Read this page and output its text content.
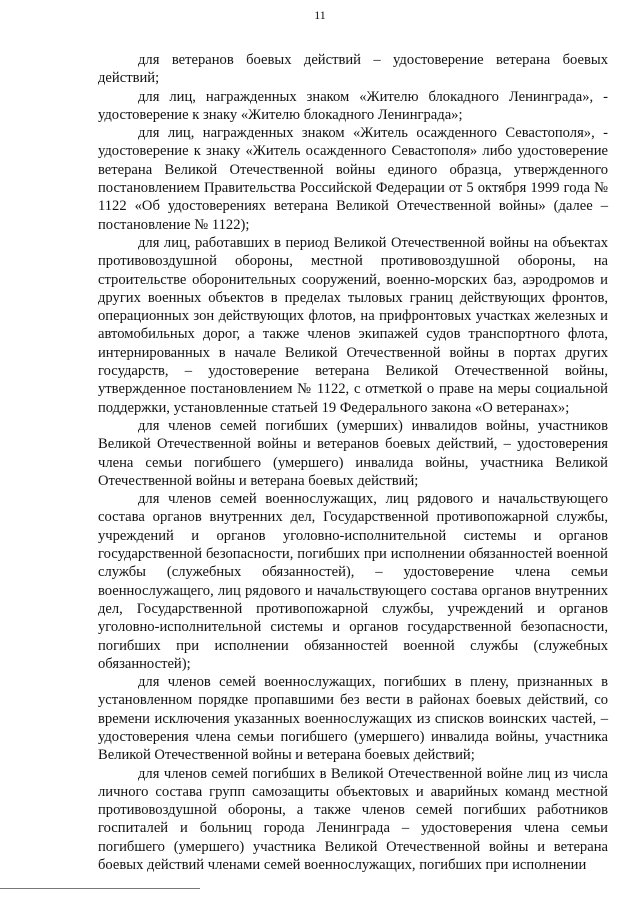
11

для ветеранов боевых действий – удостоверение ветерана боевых действий;

для лиц, награжденных знаком «Жителю блокадного Ленинграда», - удостоверение к знаку «Жителю блокадного Ленинграда»;

для лиц, награжденных знаком «Житель осажденного Севастополя», - удостоверение к знаку «Житель осажденного Севастополя» либо удостоверение ветерана Великой Отечественной войны единого образца, утвержденного постановлением Правительства Российской Федерации от 5 октября 1999 года № 1122 «Об удостоверениях ветерана Великой Отечественной войны» (далее – постановление № 1122);

для лиц, работавших в период Великой Отечественной войны на объектах противовоздушной обороны, местной противовоздушной обороны, на строительстве оборонительных сооружений, военно-морских баз, аэродромов и других военных объектов в пределах тыловых границ действующих фронтов, операционных зон действующих флотов, на прифронтовых участках железных и автомобильных дорог, а также членов экипажей судов транспортного флота, интернированных в начале Великой Отечественной войны в портах других государств, – удостоверение ветерана Великой Отечественной войны, утвержденное постановлением № 1122, с отметкой о праве на меры социальной поддержки, установленные статьей 19 Федерального закона «О ветеранах»;

для членов семей погибших (умерших) инвалидов войны, участников Великой Отечественной войны и ветеранов боевых действий, – удостоверения члена семьи погибшего (умершего) инвалида войны, участника Великой Отечественной войны и ветерана боевых действий;

для членов семей военнослужащих, лиц рядового и начальствующего состава органов внутренних дел, Государственной противопожарной службы, учреждений и органов уголовно-исполнительной системы и органов государственной безопасности, погибших при исполнении обязанностей военной службы (служебных обязанностей), – удостоверение члена семьи военнослужащего, лиц рядового и начальствующего состава органов внутренних дел, Государственной противопожарной службы, учреждений и органов уголовно-исполнительной системы и органов государственной безопасности, погибших при исполнении обязанностей военной службы (служебных обязанностей);

для членов семей военнослужащих, погибших в плену, признанных в установленном порядке пропавшими без вести в районах боевых действий, со времени исключения указанных военнослужащих из списков воинских частей, – удостоверения члена семьи погибшего (умершего) инвалида войны, участника Великой Отечественной войны и ветерана боевых действий;

для членов семей погибших в Великой Отечественной войне лиц из числа личного состава групп самозащиты объектовых и аварийных команд местной противовоздушной обороны, а также членов семей погибших работников госпиталей и больниц города Ленинграда – удостоверения члена семьи погибшего (умершего) участника Великой Отечественной войны и ветерана боевых действий членами семей военнослужащих, погибших при исполнении
